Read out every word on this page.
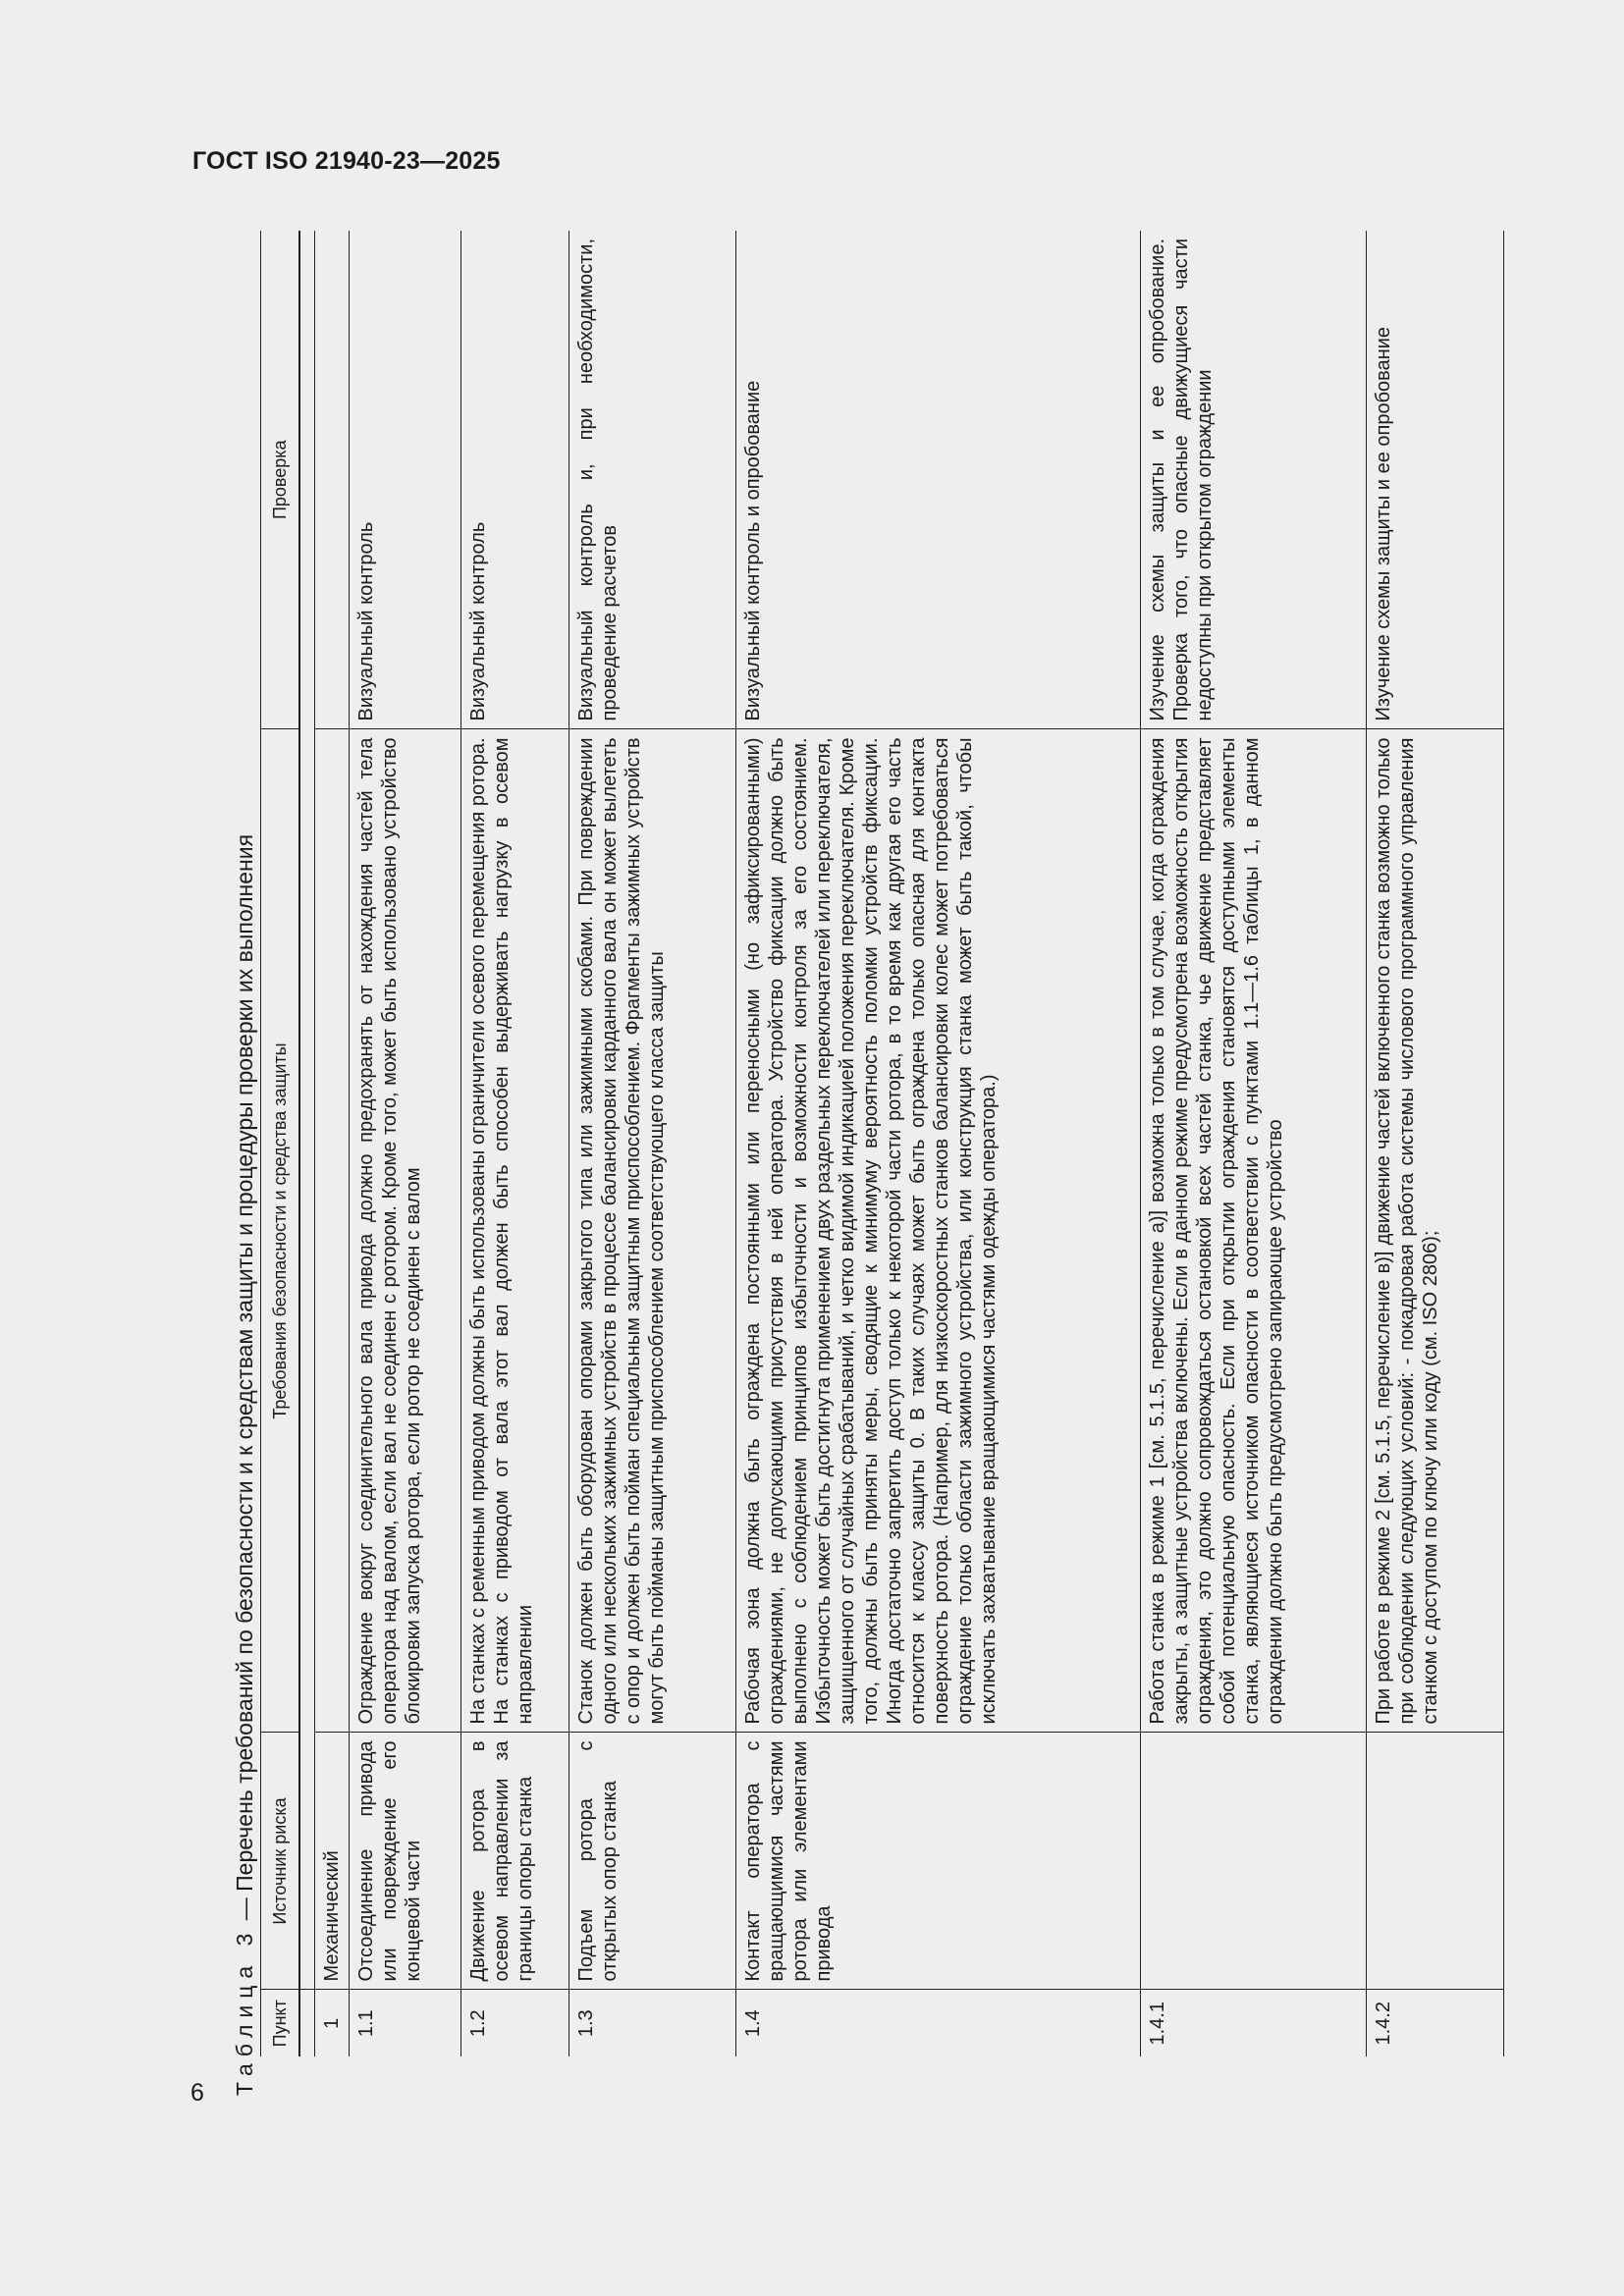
ГОСТ ISO 21940-23—2025
6 Таблица 3 — Перечень требований по безопасности и к средствам защиты и процедуры проверки их выполнения
Пункт	Источник риска	Требования безопасности и средства защиты	Проверка

1	Механический		
1.1	Отсоединение привода или повреждение его концевой части	Ограждение вокруг соединительного вала привода должно предохранять от нахождения частей тела оператора над валом, если вал не соединен с ротором. Кроме того, может быть использовано устройство блокировки запуска ротора, если ротор не соединен с валом	Визуальный контроль
1.2	Движение ротора в осевом направлении за границы опоры станка	На станках с ременным приводом должны быть использованы ограничители осевого перемещения ротора. На станках с приводом от вала этот вал должен быть способен выдерживать нагрузку в осевом направлении	Визуальный контроль
1.3	Подъем ротора с открытых опор станка	Станок должен быть оборудован опорами закрытого типа или зажимными скобами. При повреждении одного или нескольких зажимных устройств в процессе балансировки карданного вала он может вылететь с опор и должен быть пойман специальным защитным приспособлением. Фрагменты зажимных устройств могут быть пойманы защитным приспособлением соответствующего класса защиты	Визуальный контроль и, при необходимости, проведение расчетов
1.4	Контакт оператора с вращающимися частями ротора или элементами привода	Рабочая зона должна быть ограждена постоянными или переносными (но зафиксированными) ограждениями, не допускающими присутствия в ней оператора. Устройство фиксации должно быть выполнено с соблюдением принципов избыточности и возможности контроля за его состоянием. Избыточность может быть достигнута применением двух раздельных переключателей или переключателя, защищенного от случайных срабатываний, и четко видимой индикацией положения переключателя. Кроме того, должны быть приняты меры, сводящие к минимуму вероятность поломки устройств фиксации. Иногда достаточно запретить доступ только к некоторой части ротора, в то время как другая его часть относится к классу защиты 0. В таких случаях может быть ограждена только опасная для контакта поверхность ротора. (Например, для низкоскоростных станков балансировки колес может потребоваться ограждение только области зажимного устройства, или конструкция станка может быть такой, чтобы исключать захватывание вращающимися частями одежды оператора.)	Визуальный контроль и опробование
1.4.1		Работа станка в режиме 1 [см. 5.1.5, перечисление а)] возможна только в том случае, когда ограждения закрыты, а защитные устройства включены. Если в данном режиме предусмотрена возможность открытия ограждения, это должно сопровождаться остановкой всех частей станка, чье движение представляет собой потенциальную опасность. Если при открытии ограждения становятся доступными элементы станка, являющиеся источником опасности в соответствии с пунктами 1.1—1.6 таблицы 1, в данном ограждении должно быть предусмотрено запирающее устройство	Изучение схемы защиты и ее опробование. Проверка того, что опасные движущиеся части недоступны при открытом ограждении
1.4.2		При работе в режиме 2 [см. 5.1.5, перечисление в)] движение частей включенного станка возможно только при соблюдении следующих условий: - покадровая работа системы числового программного управления станком с доступом по ключу или коду (см. ISO 2806);	Изучение схемы защиты и ее опробование
